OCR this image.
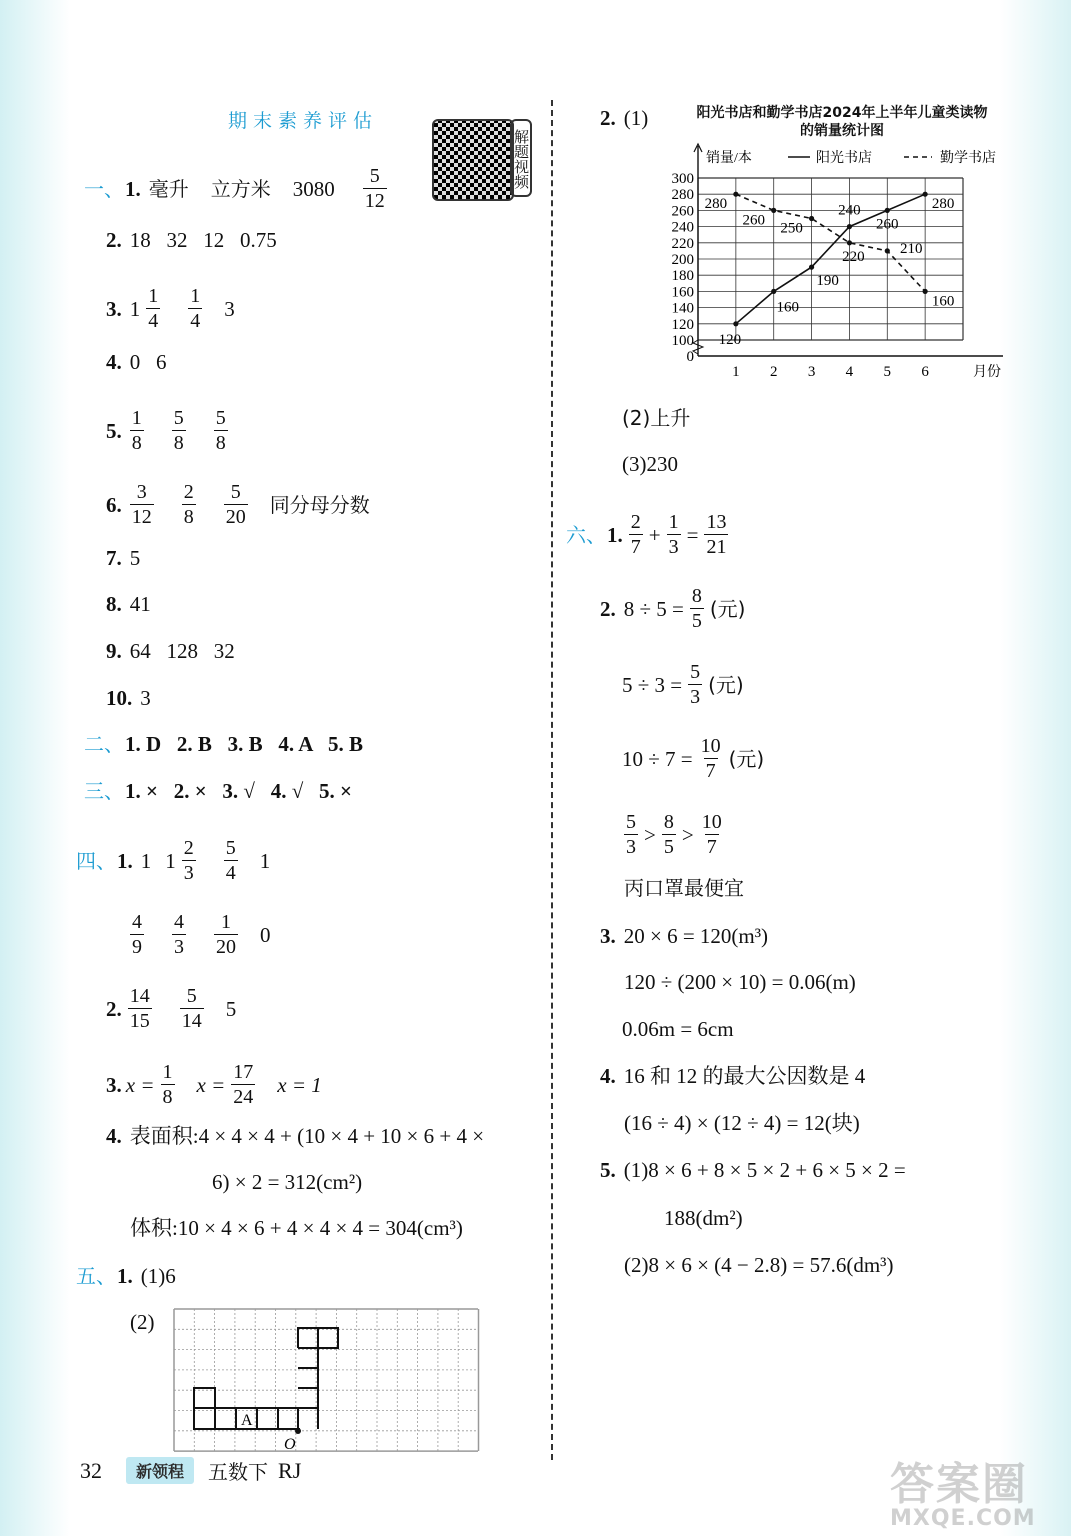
期末素养评估
解题视频
一、 1. 毫升 立方米 $3080 \frac{5}{12}$
2. 18   32   12   0.75
3. $1 \frac{1}{4} \frac{1}{4} 3$
4. 0   6
5. $\frac{1}{8} \frac{5}{8} \frac{5}{8}$
6. $\frac{3}{12} \frac{2}{8} \frac{5}{20}$ 同分母分数
7. 5
8. 41
9. 64   128   32
10. 3
二、 1. D   2. B   3. B   4. A   5. B
三、 1. ×   2. ×   3. √   4. √   5. ×
四、 1. 1 $1 \frac{2}{3} \frac{5}{4} 1$
$\frac{4}{9} \frac{4}{3} \frac{1}{20} 0$
2. $\frac{14}{15} \frac{5}{14} 5$
3. $x = \frac{1}{8}$ $x = \frac{17}{24}$ x = 1
4. 表面积:4 × 4 × 4 + (10 × 4 + 10 × 6 + 4 ×
6) × 2 = 312(cm²)
体积:10 × 4 × 6 + 4 × 4 × 4 = 304(cm³)
五、 1. (1)6
(2)
A
O
2. (1)	阳光书店和勤学书店2024年上半年儿童类读物
的销量统计图
0
100
120
140
160
180
200
220
240
260
280
300
1 2 3 4 5 6	月份
销量/本	阳光书店	勤学书店
120
160
190
240
260
280
280
260
250
220 210
160
(2)上升
(3)230
六、 1. $\frac{2}{7} + \frac{1}{3} = \frac{13}{21}$
2. $8 \div 5 = \frac{8}{5}$ (元)
$5 \div 3 = \frac{5}{3}$ (元)
$10 \div 7 = \frac{10}{7}$ (元)
$\frac{5}{3} > \frac{8}{5} > \frac{10}{7}$
丙口罩最便宜
3. 20 × 6 = 120(m³)
120 ÷ (200 × 10) = 0.06(m)
0.06m = 6cm
4. 16 和 12 的最大公因数是 4
(16 ÷ 4) × (12 ÷ 4) = 12(块)
5. (1)8 × 6 + 8 × 5 × 2 + 6 × 5 × 2 =
188(dm²)
(2)8 × 6 × (4 − 2.8) = 57.6(dm³)
32	新领程	五数下 RJ	答案圈
MXQE.COM
